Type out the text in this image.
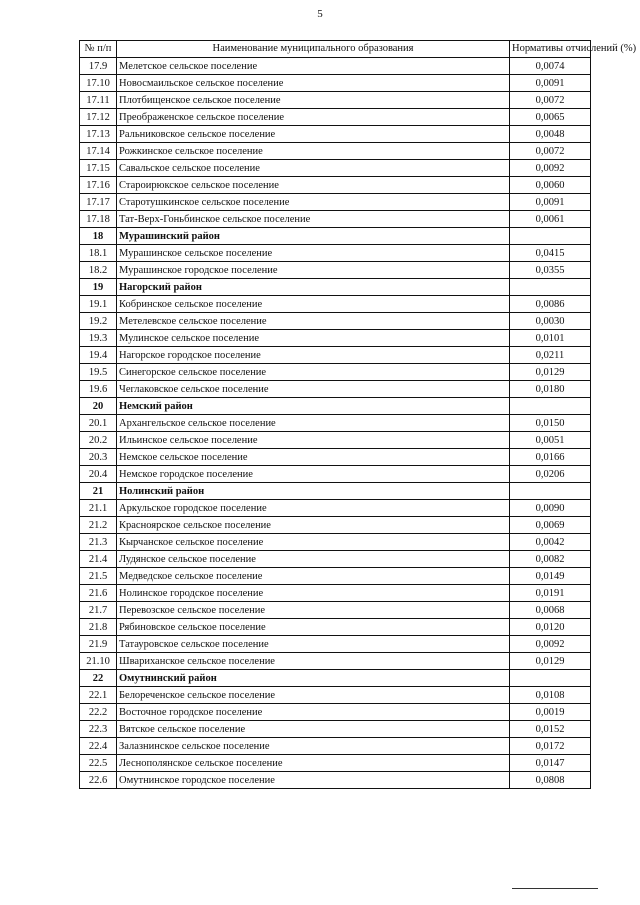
5
№ п/п	Наименование муниципального образования	Нормативы отчислений (%)
17.9	Мелетское сельское поселение	0,0074
17.10	Новосмаильское сельское поселение	0,0091
17.11	Плотбищенское сельское поселение	0,0072
17.12	Преображенское сельское поселение	0,0065
17.13	Ральниковское сельское поселение	0,0048
17.14	Рожкинское сельское поселение	0,0072
17.15	Савальское сельское поселение	0,0092
17.16	Староирюкское сельское поселение	0,0060
17.17	Старотушкинское сельское поселение	0,0091
17.18	Тат-Верх-Гоньбинское сельское поселение	0,0061
18	Мурашинский район	
18.1	Мурашинское сельское поселение	0,0415
18.2	Мурашинское городское поселение	0,0355
19	Нагорский район	
19.1	Кобринское сельское поселение	0,0086
19.2	Метелевское сельское поселение	0,0030
19.3	Мулинское сельское поселение	0,0101
19.4	Нагорское городское поселение	0,0211
19.5	Синегорское сельское поселение	0,0129
19.6	Чеглаковское сельское поселение	0,0180
20	Немский район	
20.1	Архангельское сельское поселение	0,0150
20.2	Ильинское сельское поселение	0,0051
20.3	Немское сельское поселение	0,0166
20.4	Немское городское поселение	0,0206
21	Нолинский район	
21.1	Аркульское городское поселение	0,0090
21.2	Красноярское сельское поселение	0,0069
21.3	Кырчанское сельское поселение	0,0042
21.4	Лудянское сельское поселение	0,0082
21.5	Медведское сельское поселение	0,0149
21.6	Нолинское городское поселение	0,0191
21.7	Перевозское сельское поселение	0,0068
21.8	Рябиновское сельское поселение	0,0120
21.9	Татауровское сельское поселение	0,0092
21.10	Швариханское сельское поселение	0,0129
22	Омутнинский район	
22.1	Белореченское сельское поселение	0,0108
22.2	Восточное городское поселение	0,0019
22.3	Вятское сельское поселение	0,0152
22.4	Залазнинское сельское поселение	0,0172
22.5	Леснополянское сельское поселение	0,0147
22.6	Омутнинское городское поселение	0,0808
